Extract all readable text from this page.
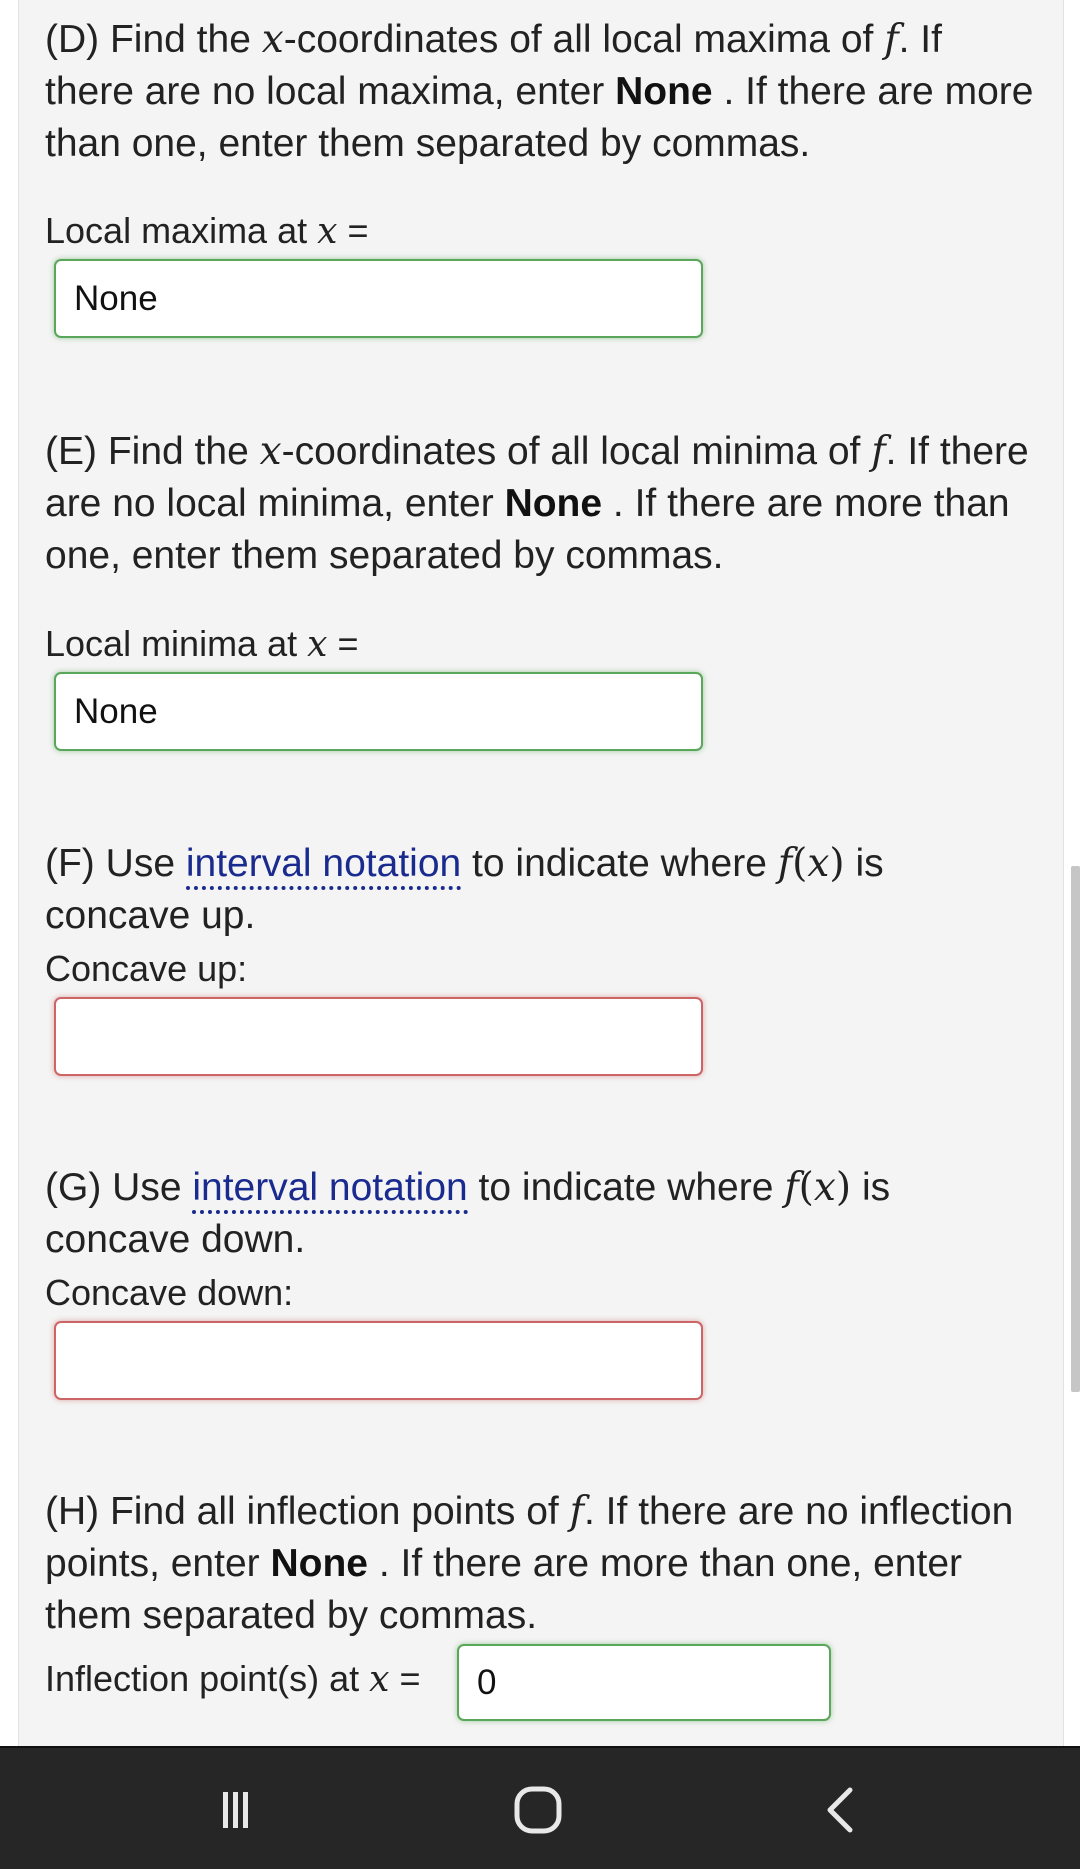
(D) Find the x-coordinates of all local maxima of f. If there are no local maxima, enter None . If there are more than one, enter them separated by commas.
Local maxima at x =
None
(E) Find the x-coordinates of all local minima of f. If there are no local minima, enter None . If there are more than one, enter them separated by commas.
Local minima at x =
None
(F) Use interval notation to indicate where f(x) is concave up.
Concave up:
(G) Use interval notation to indicate where f(x) is concave down.
Concave down:
(H) Find all inflection points of f. If there are no inflection points, enter None . If there are more than one, enter them separated by commas.
Inflection point(s) at x = 0
